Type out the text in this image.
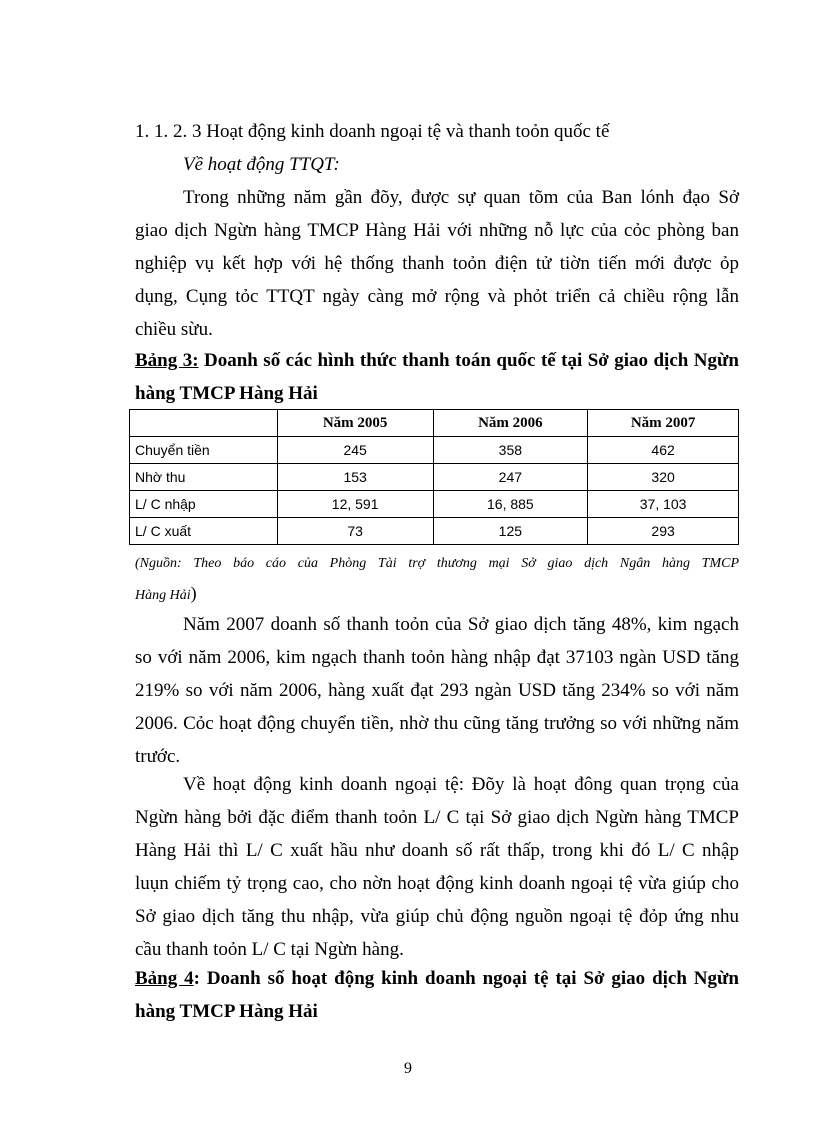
1. 1. 2. 3 Hoạt động kinh doanh ngoại tệ và thanh toỏn quốc tế
Về hoạt động TTQT:
Trong những năm gần đõy, được sự quan tõm của Ban lónh đạo Sở
giao dịch Ngừn hàng TMCP Hàng Hải với những nỗ lực của cỏc phòng ban
nghiệp vụ kết hợp với hệ thống thanh toỏn điện tử tiờn tiến mới được ỏp
dụng, Cụng tỏc TTQT ngày càng mở rộng và phỏt triển cả chiều rộng lẫn
chiều sừu.
Bảng 3: Doanh số các hình thức thanh toán quốc tế tại Sở giao dịch Ngừn
hàng TMCP Hàng Hải
	Năm 2005	Năm 2006	Năm 2007
Chuyển tiền	245	358	462
Nhờ thu	153	247	320
L/ C nhập	12, 591	16, 885	37, 103
L/ C xuất	73	125	293
(Nguồn: Theo báo cáo của Phòng Tài trợ thương mại Sở giao dịch Ngân hàng TMCP
Hàng Hải)
Năm 2007 doanh số thanh toỏn của Sở giao dịch tăng 48%, kim ngạch
so với năm 2006, kim ngạch thanh toỏn hàng nhập đạt 37103 ngàn USD tăng
219% so với năm 2006, hàng xuất đạt 293 ngàn USD tăng 234% so với năm
2006. Cỏc hoạt động chuyển tiền, nhờ thu cũng tăng trưởng so với những năm
trước.
Về hoạt động kinh doanh ngoại tệ: Đõy là hoạt đông quan trọng của
Ngừn hàng bởi đặc điểm thanh toỏn L/ C tại Sở giao dịch Ngừn hàng TMCP
Hàng Hải thì L/ C xuất hầu như doanh số rất thấp, trong khi đó L/ C nhập
luụn chiếm tỷ trọng cao, cho nờn hoạt động kinh doanh ngoại tệ vừa giúp cho
Sở giao dịch tăng thu nhập, vừa giúp chủ động nguồn ngoại tệ đỏp ứng nhu
cầu thanh toỏn L/ C tại Ngừn hàng.
Bảng 4: Doanh số hoạt động kinh doanh ngoại tệ tại Sở giao dịch Ngừn
hàng TMCP Hàng Hải
9
